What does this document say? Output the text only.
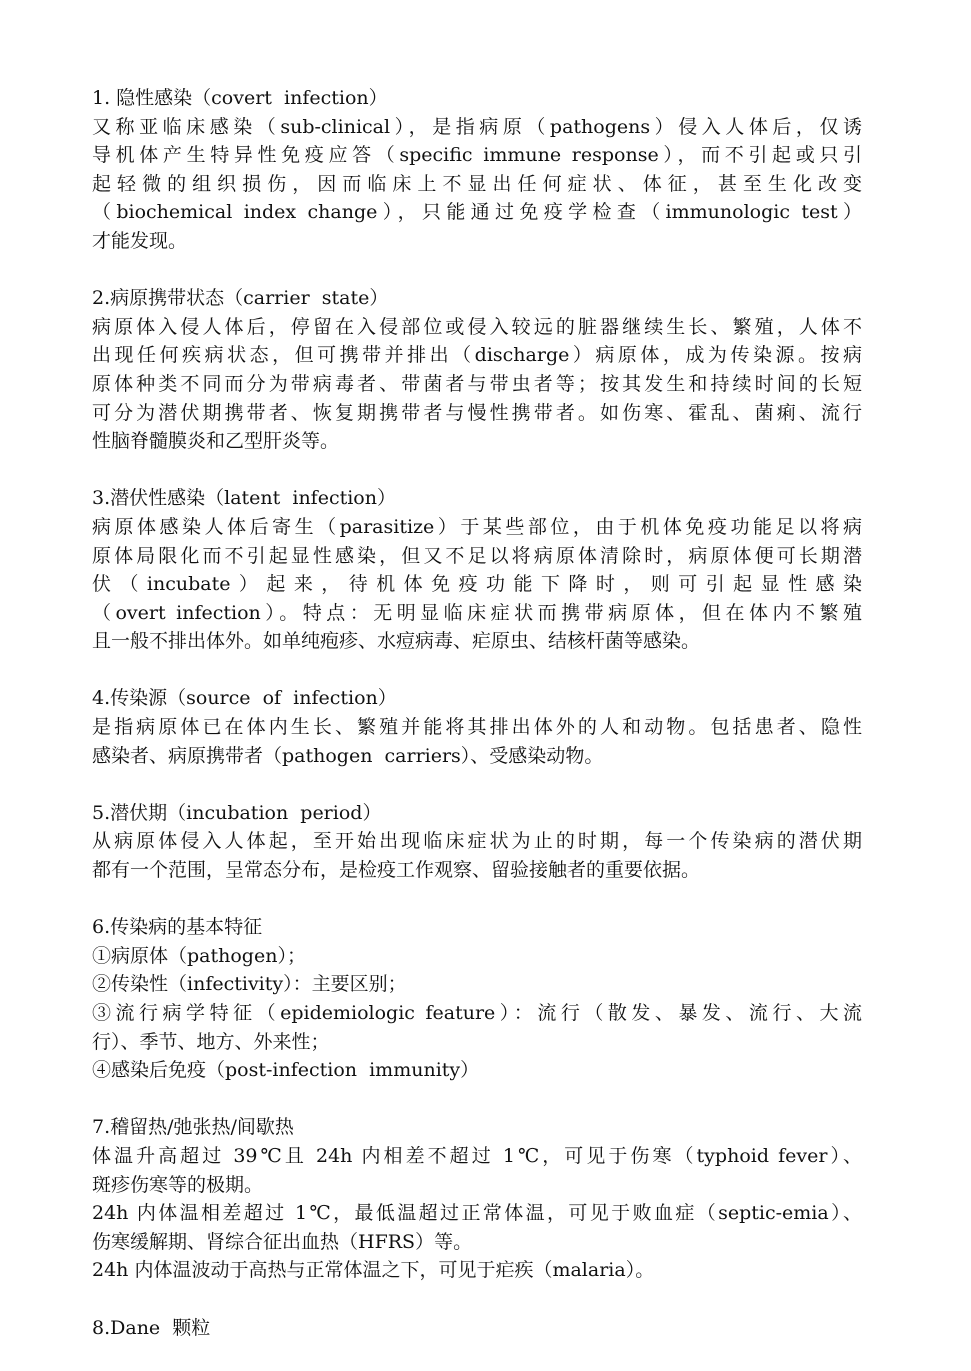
1. 隐性感染（covert  infection）
又称亚临床感染（sub-clinical），是指病原（pathogens）侵入人体后，仅诱
导机体产生特异性免疫应答（specific immune response），而不引起或只引
起轻微的组织损伤，因而临床上不显出任何症状、体征，甚至生化改变
（biochemical index change），只能通过免疫学检查（immunologic test）
才能发现。
2.病原携带状态（carrier  state）
病原体入侵人体后，停留在入侵部位或侵入较远的脏器继续生长、繁殖，人体不
出现任何疾病状态，但可携带并排出（discharge）病原体，成为传染源。按病
原体种类不同而分为带病毒者、带菌者与带虫者等；按其发生和持续时间的长短
可分为潜伏期携带者、恢复期携带者与慢性携带者。如伤寒、霍乱、菌痢、流行
性脑脊髓膜炎和乙型肝炎等。
3.潜伏性感染（latent  infection）
病原体感染人体后寄生（parasitize）于某些部位，由于机体免疫功能足以将病
原体局限化而不引起显性感染，但又不足以将病原体清除时，病原体便可长期潜
伏（incubate）起来，待机体免疫功能下降时，则可引起显性感染
（overt infection）。特点：无明显临床症状而携带病原体，但在体内不繁殖
且一般不排出体外。如单纯疱疹、水痘病毒、疟原虫、结核杆菌等感染。
4.传染源（source  of  infection）
是指病原体已在体内生长、繁殖并能将其排出体外的人和动物。包括患者、隐性
感染者、病原携带者（pathogen  carriers）、受感染动物。
5.潜伏期（incubation  period）
从病原体侵入人体起，至开始出现临床症状为止的时期，每一个传染病的潜伏期
都有一个范围，呈常态分布，是检疫工作观察、留验接触者的重要依据。
6.传染病的基本特征
①病原体（pathogen）；
②传染性（infectivity）：主要区别；
③流行病学特征（epidemiologic feature）：流行（散发、暴发、流行、大流
行）、季节、地方、外来性；
④感染后免疫（post-infection  immunity）
7.稽留热/弛张热/间歇热
体温升高超过 39℃且 24h 内相差不超过 1℃，可见于伤寒（typhoid fever）、
斑疹伤寒等的极期。
24h 内体温相差超过 1℃，最低温超过正常体温，可见于败血症（septic-emia）、
伤寒缓解期、肾综合征出血热（HFRS）等。
24h 内体温波动于高热与正常体温之下，可见于疟疾（malaria）。
8.Dane  颗粒
